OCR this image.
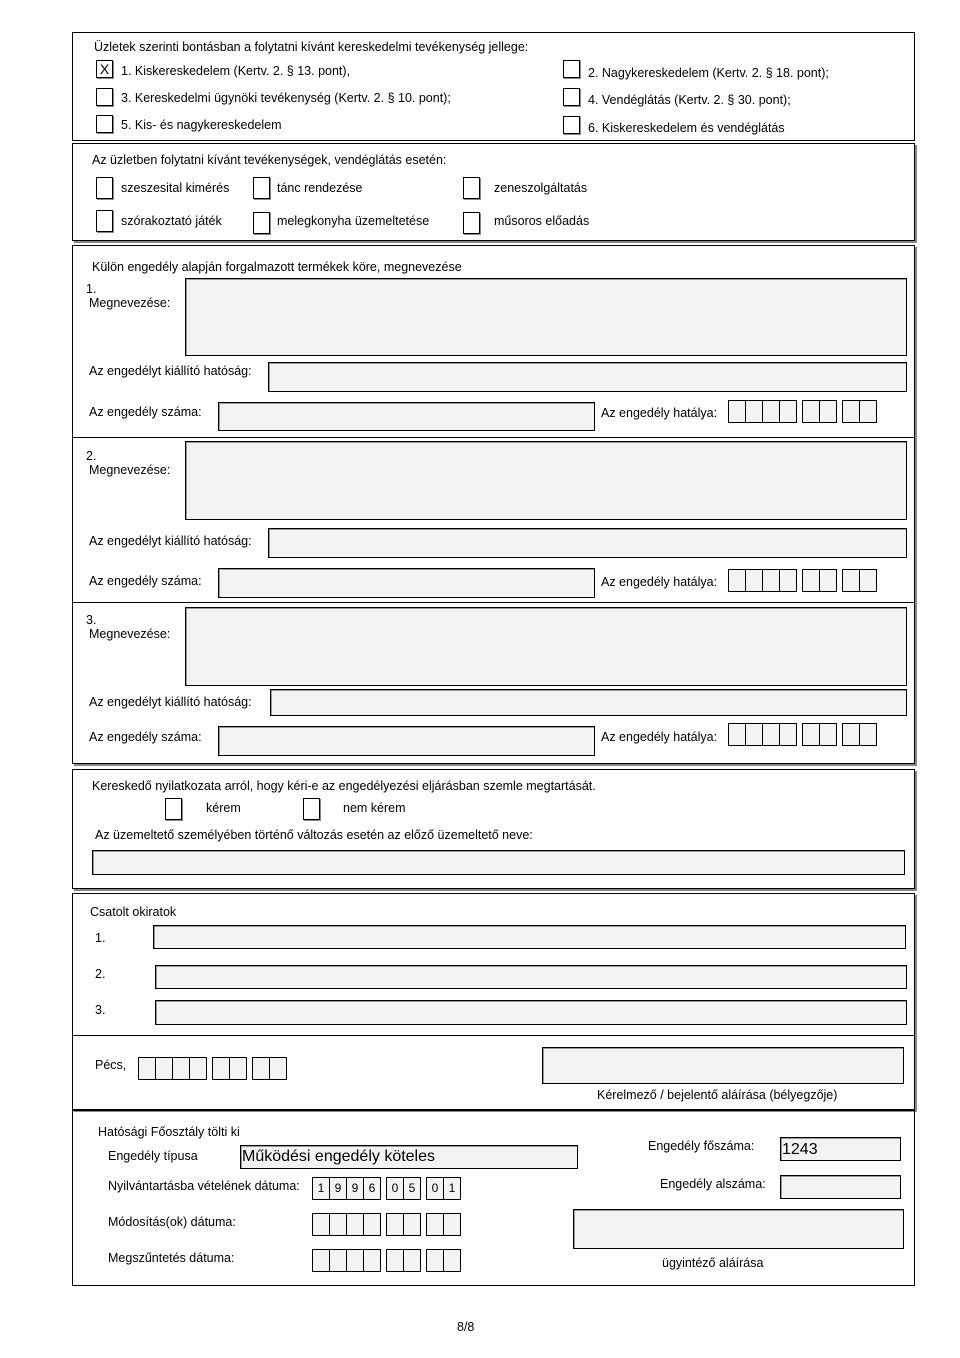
Üzletek szerinti bontásban a folytatni kívánt kereskedelmi tevékenység jellege:
X 1. Kiskereskedelem (Kertv. 2. § 13. pont),	2. Nagykereskedelem (Kertv. 2. § 18. pont);
3. Kereskedelmi ügynöki tevékenység (Kertv. 2. § 10. pont);	4. Vendéglátás (Kertv. 2. § 30. pont);
5. Kis- és nagykereskedelem	6. Kiskereskedelem és vendéglátás
Az üzletben folytatni kívánt tevékenységek, vendéglátás esetén:
szeszesital kimérés	tánc rendezése	zeneszolgáltatás
szórakoztató játék	melegkonyha üzemeltetése	műsoros előadás
Külön engedély alapján forgalmazott termékek köre, megnevezése
1.
Megnevezése:
Az engedélyt kiállító hatóság:
Az engedély száma:	Az engedély hatálya:
2.
Megnevezése:
Az engedélyt kiállító hatóság:
Az engedély száma:	Az engedély hatálya:
3.
Megnevezése:
Az engedélyt kiállító hatóság:
Az engedély száma:	Az engedély hatálya:
Kereskedő nyilatkozata arról, hogy kéri-e az engedélyezési eljárásban szemle megtartását.
kérem	nem kérem
Az üzemeltető személyében történő változás esetén az előző üzemeltető neve:
Csatolt okiratok
1.
2.
3.
Pécs,
Kérelmező / bejelentő aláírása (bélyegzője)
Hatósági Főosztály tölti ki
Engedély típusa	Működési engedély köteles
Nyilvántartásba vételének dátuma:	1 9 9 6	0 5	0 1
Módosítás(ok) dátuma:
Megszűntetés dátuma:
Engedély főszáma: 1243
Engedély alszáma:
ügyintéző aláírása
8/8
